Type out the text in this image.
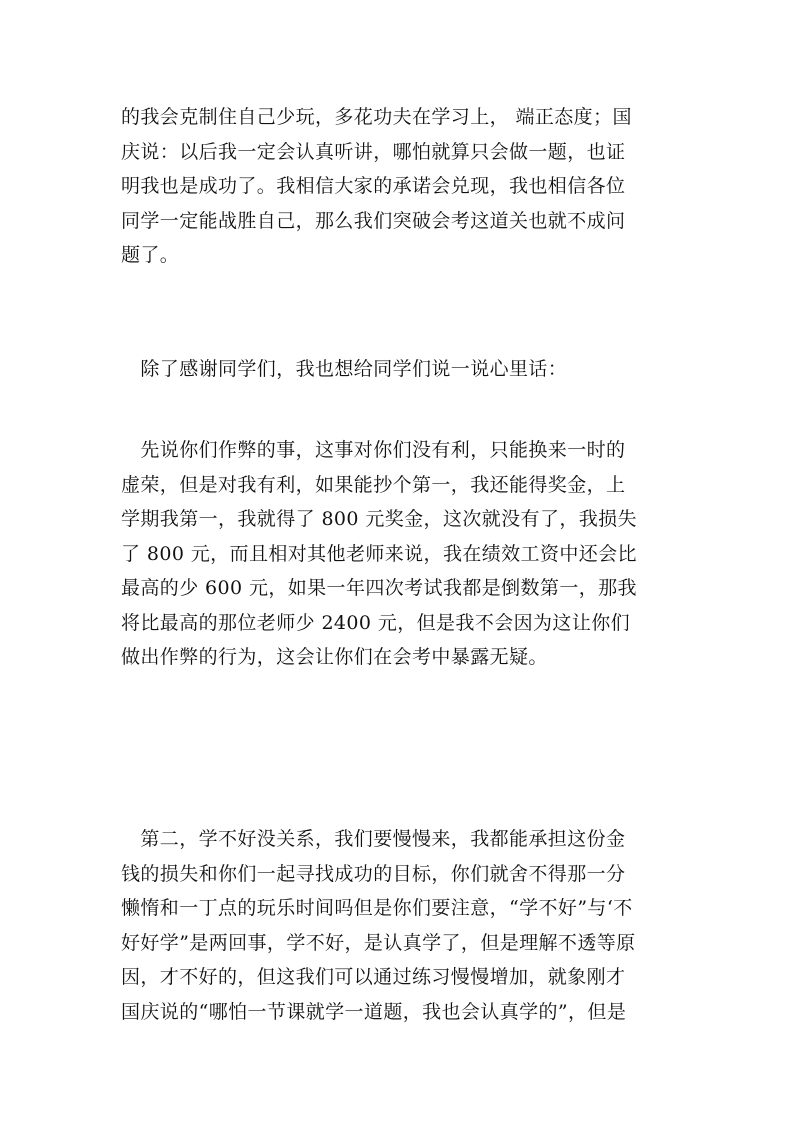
的我会克制住自己少玩，多花功夫在学习上， 端正态度；国
庆说：以后我一定会认真听讲，哪怕就算只会做一题，也证
明我也是成功了。我相信大家的承诺会兑现，我也相信各位
同学一定能战胜自己，那么我们突破会考这道关也就不成问
题了。

　除了感谢同学们，我也想给同学们说一说心里话：

　先说你们作弊的事，这事对你们没有利，只能换来一时的
虚荣，但是对我有利，如果能抄个第一，我还能得奖金，上
学期我第一，我就得了 800 元奖金，这次就没有了，我损失
了 800 元，而且相对其他老师来说，我在绩效工资中还会比
最高的少 600 元，如果一年四次考试我都是倒数第一，那我
将比最高的那位老师少 2400 元，但是我不会因为这让你们
做出作弊的行为，这会让你们在会考中暴露无疑。

　第二，学不好没关系，我们要慢慢来，我都能承担这份金
钱的损失和你们一起寻找成功的目标，你们就舍不得那一分
懒惰和一丁点的玩乐时间吗但是你们要注意，“学不好”与‘不
好好学”是两回事，学不好，是认真学了，但是理解不透等原
因，才不好的，但这我们可以通过练习慢慢增加，就象刚才
国庆说的“哪怕一节课就学一道题，我也会认真学的”，但是
